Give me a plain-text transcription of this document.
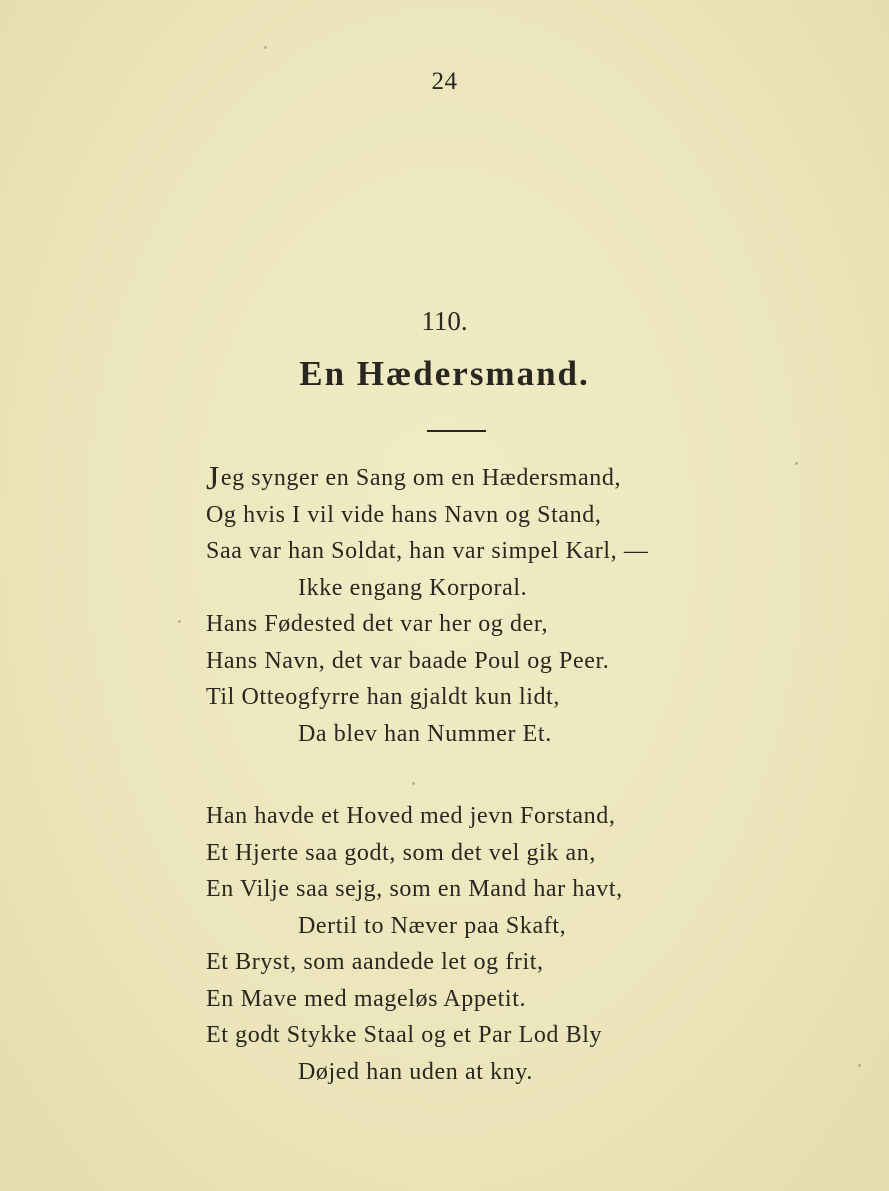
24
110.
En Hædersmand.
Jeg synger en Sang om en Hædersmand,
Og hvis I vil vide hans Navn og Stand,
Saa var han Soldat, han var simpel Karl, —
Ikke engang Korporal.
Hans Fødested det var her og der,
Hans Navn, det var baade Poul og Peer.
Til Otteogfyrre han gjaldt kun lidt,
Da blev han Nummer Et.
Han havde et Hoved med jevn Forstand,
Et Hjerte saa godt, som det vel gik an,
En Vilje saa sejg, som en Mand har havt,
Dertil to Næver paa Skaft,
Et Bryst, som aandede let og frit,
En Mave med mageløs Appetit.
Et godt Stykke Staal og et Par Lod Bly
Døjed han uden at kny.
